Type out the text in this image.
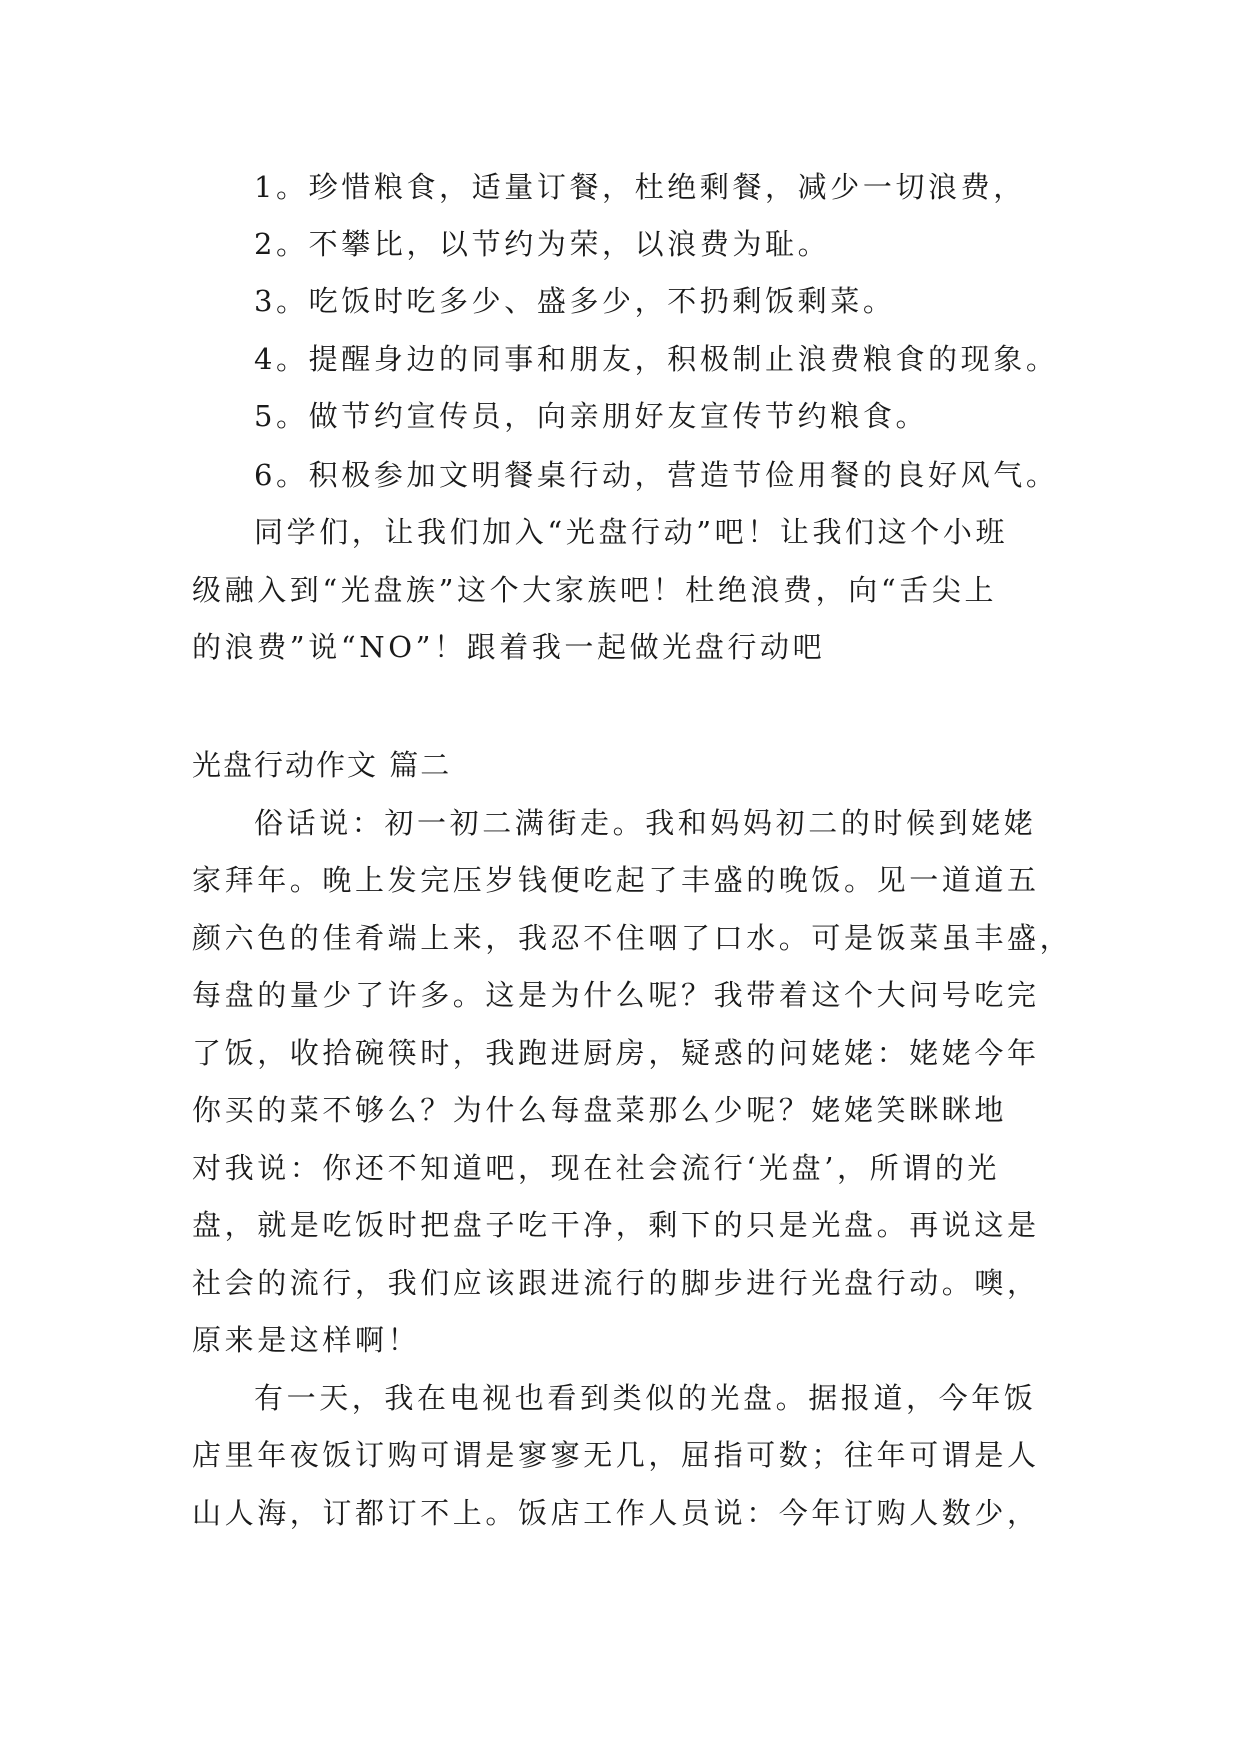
1。珍惜粮食，适量订餐，杜绝剩餐，减少一切浪费，
2。不攀比，以节约为荣，以浪费为耻。
3。吃饭时吃多少、盛多少，不扔剩饭剩菜。
4。提醒身边的同事和朋友，积极制止浪费粮食的现象。
5。做节约宣传员，向亲朋好友宣传节约粮食。
6。积极参加文明餐桌行动，营造节俭用餐的良好风气。
同学们，让我们加入“光盘行动”吧！让我们这个小班
级融入到“光盘族”这个大家族吧！杜绝浪费，向“舌尖上
的浪费”说“NO”！跟着我一起做光盘行动吧
光盘行动作文 篇二
俗话说：初一初二满街走。我和妈妈初二的时候到姥姥
家拜年。晚上发完压岁钱便吃起了丰盛的晚饭。见一道道五
颜六色的佳肴端上来，我忍不住咽了口水。可是饭菜虽丰盛，
每盘的量少了许多。这是为什么呢？我带着这个大问号吃完
了饭，收拾碗筷时，我跑进厨房，疑惑的问姥姥：姥姥今年
你买的菜不够么？为什么每盘菜那么少呢？姥姥笑眯眯地
对我说：你还不知道吧，现在社会流行‘光盘’，所谓的光
盘，就是吃饭时把盘子吃干净，剩下的只是光盘。再说这是
社会的流行，我们应该跟进流行的脚步进行光盘行动。噢，
原来是这样啊！
有一天，我在电视也看到类似的光盘。据报道，今年饭
店里年夜饭订购可谓是寥寥无几，屈指可数；往年可谓是人
山人海，订都订不上。饭店工作人员说：今年订购人数少，
